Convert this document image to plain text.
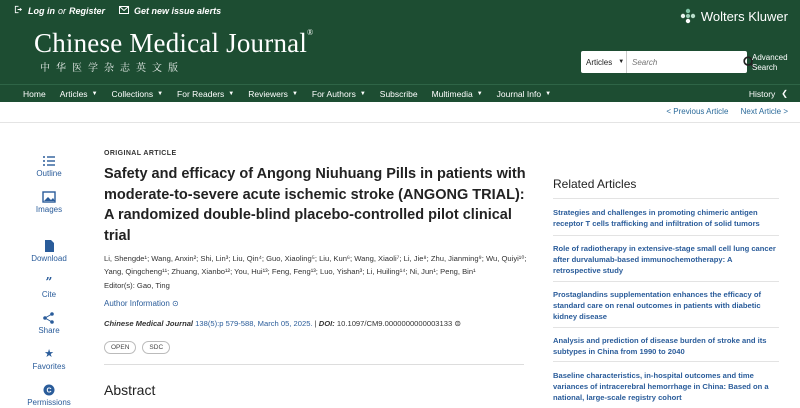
Log in or Register	Get new issue alerts
Chinese Medical Journal®
中华医学杂志英文版
Wolters Kluwer
Articles ▼
Search	Advanced
Search
Home Articles ▼ Collections ▼ For Readers ▼ Reviewers ▼ For Authors ▼ Subscribe Multimedia ▼ Journal Info ▼	History ❮
< Previous Article Next Article >
Outline
Images
Download
”
Cite
Share
★
Favorites
C
Permissions
ORIGINAL ARTICLE
Safety and efficacy of Angong Niuhuang Pills in patients with moderate-to-severe acute ischemic stroke (ANGONG TRIAL): A randomized double-blind placebo-controlled pilot clinical trial
Li, Shengde¹; Wang, Anxin²; Shi, Lin³; Liu, Qin⁴; Guo, Xiaoling⁵; Liu, Kun⁶; Wang, Xiaoli⁷; Li, Jie⁸; Zhu, Jianming⁹; Wu, Quiyi¹⁰; Yang, Qingcheng¹¹; Zhuang, Xianbo¹²; You, Hui¹³; Feng, Feng¹³; Luo, Yishan³; Li, Huiling¹⁴; Ni, Jun¹; Peng, Bin¹
Editor(s): Gao, Ting
Author Information ⊙
Chinese Medical Journal 138(5):p 579-588, March 05, 2025. | DOI: 10.1097/CM9.0000000000003133 ⊜
OPEN	SDC
Abstract
Related Articles
Strategies and challenges in promoting chimeric antigen receptor T cells trafficking and infiltration of solid tumors
Role of radiotherapy in extensive-stage small cell lung cancer after durvalumab-based immunochemotherapy: A retrospective study
Prostaglandins supplementation enhances the efficacy of standard care on renal outcomes in patients with diabetic kidney disease
Analysis and prediction of disease burden of stroke and its subtypes in China from 1990 to 2040
Baseline characteristics, in-hospital outcomes and time variances of intracerebral hemorrhage in China: Based on a national, large-scale registry cohort
